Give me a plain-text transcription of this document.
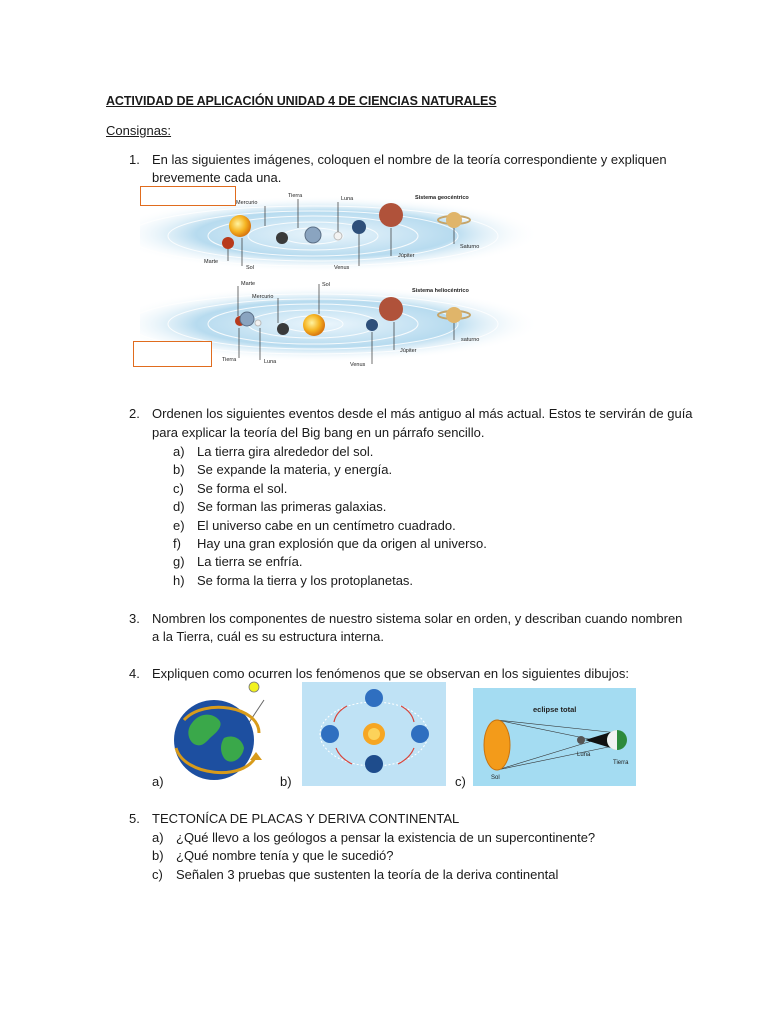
ACTIVIDAD DE APLICACIÓN UNIDAD 4 DE CIENCIAS NATURALES
Consignas:
1. En las siguientes imágenes, coloquen el nombre de la teoría correspondiente y expliquen
brevemente cada una.
Mercurio
Tierra	Luna
Marte
Sol	Venus
Júpiter
Saturno
Sistema geocéntrico
Marte
Mercurio
Sol
Tierra	Luna	Venus
Júpiter
saturno
Sistema heliocéntrico
2. Ordenen los siguientes eventos desde el más antiguo al más actual. Estos te servirán de guía
para explicar la teoría del Big bang en un párrafo sencillo.
a) La tierra gira alrededor del sol.
b) Se expande la materia, y energía.
c)	Se forma el sol.
d) Se forman las primeras galaxias.
e) El universo cabe en un centímetro cuadrado.
f)	Hay una gran explosión que da origen al universo.
g) La tierra se enfría.
h) Se forma la tierra y los protoplanetas.
3. Nombren los componentes de nuestro sistema solar en orden, y describan cuando nombren
a la Tierra, cuál es su estructura interna.
4. Expliquen como ocurren los fenómenos que se observan en los siguientes dibujos:
eclipse total
Sol
Luna
Tierra
a)	b)	c)
5. TECTONÍCA DE PLACAS Y DERIVA CONTINENTAL
a) ¿Qué llevo a los geólogos a pensar la existencia de un supercontinente?
b) ¿Qué nombre tenía y que le sucedió?
c)	Señalen 3 pruebas que sustenten la teoría de la deriva continental
